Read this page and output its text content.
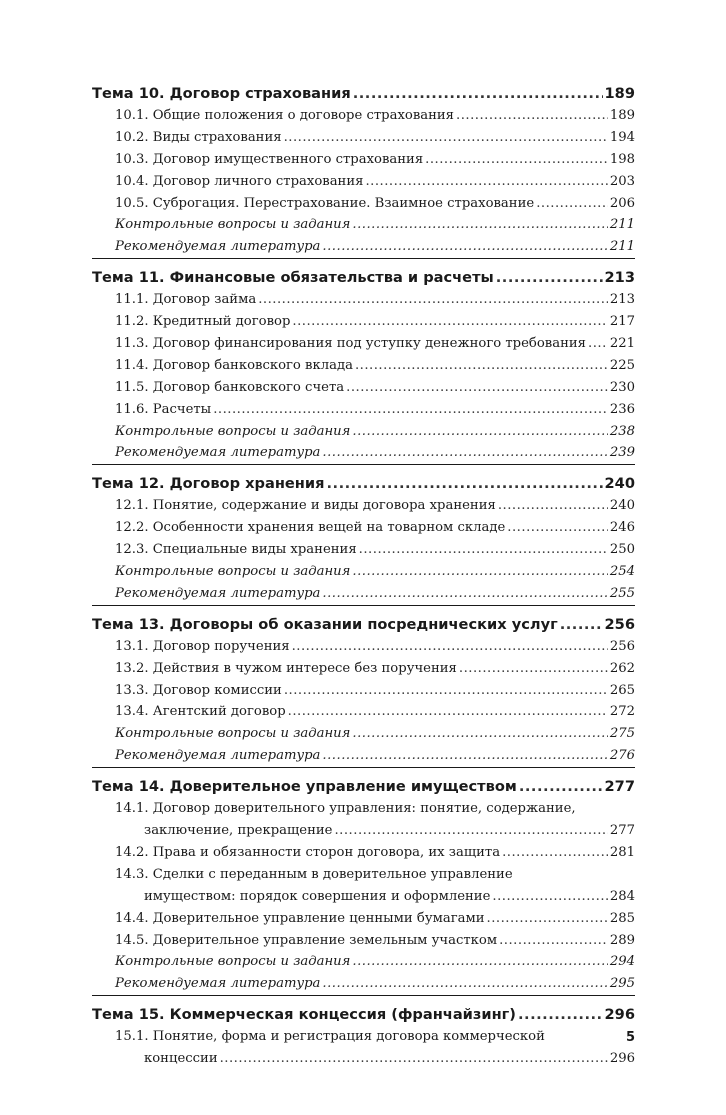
Тема 10. Договор страхования .....	189
10.1. Общие положения о договоре страхования .....	189
10.2. Виды страхования .....	194
10.3. Договор имущественного страхования .....	198
10.4. Договор личного страхования .....	203
10.5. Суброгация. Перестрахование. Взаимное страхование .....	206
Контрольные вопросы и задания .....	211
Рекомендуемая литература .....	211
Тема 11. Финансовые обязательства и расчеты .....	213
11.1. Договор займа .....	213
11.2. Кредитный договор .....	217
11.3. Договор финансирования под уступку денежного требования ..... 221
11.4. Договор банковского вклада .....	225
11.5. Договор банковского счета .....	230
11.6. Расчеты .....	236
Контрольные вопросы и задания .....	238
Рекомендуемая литература .....	239
Тема 12. Договор хранения .....	240
12.1. Понятие, содержание и виды договора хранения .....	240
12.2. Особенности хранения вещей на товарном складе .....	246
12.3. Специальные виды хранения .....	250
Контрольные вопросы и задания .....	254
Рекомендуемая литература .....	255
Тема 13. Договоры об оказании посреднических услуг .....	256
13.1. Договор поручения .....	256
13.2. Действия в чужом интересе без поручения .....	262
13.3. Договор комиссии .....	265
13.4. Агентский договор .....	272
Контрольные вопросы и задания .....	275
Рекомендуемая литература .....	276
Тема 14. Доверительное управление имуществом .....	277
14.1. Договор доверительного управления: понятие, содержание,
заключение, прекращение .....	277
14.2. Права и обязанности сторон договора, их защита .....	281
14.3. Сделки с переданным в доверительное управление
имуществом: порядок совершения и оформление .....	284
14.4. Доверительное управление ценными бумагами .....	285
14.5. Доверительное управление земельным участком .....	289
Контрольные вопросы и задания .....	294
Рекомендуемая литература .....	295
Тема 15. Коммерческая концессия (франчайзинг) .....	296
15.1. Понятие, форма и регистрация договора коммерческой
концессии .....	296
5
